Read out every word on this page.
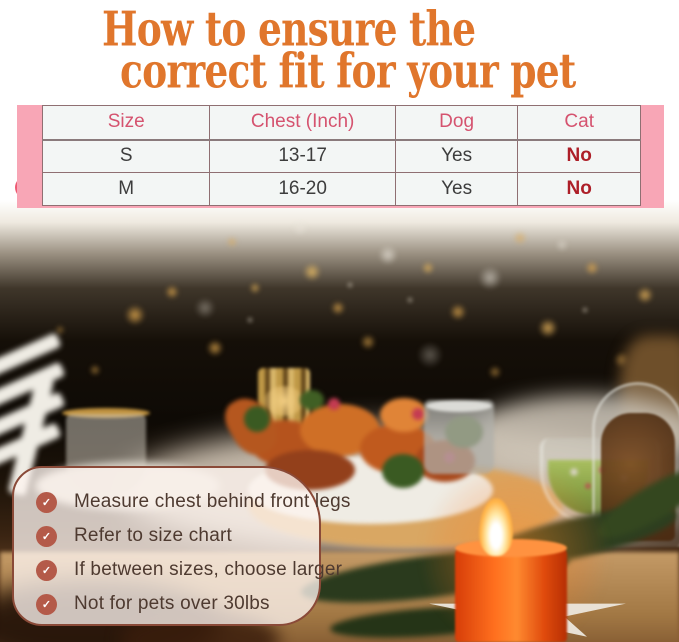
How to ensure the
correct fit for your pet
Size	Chest (Inch)	Dog	Cat
S	13-17	Yes	No
M	16-20	Yes	No
✓	Measure chest behind front legs
✓	Refer to size chart
✓	If between sizes, choose larger
✓	Not for pets over 30lbs
